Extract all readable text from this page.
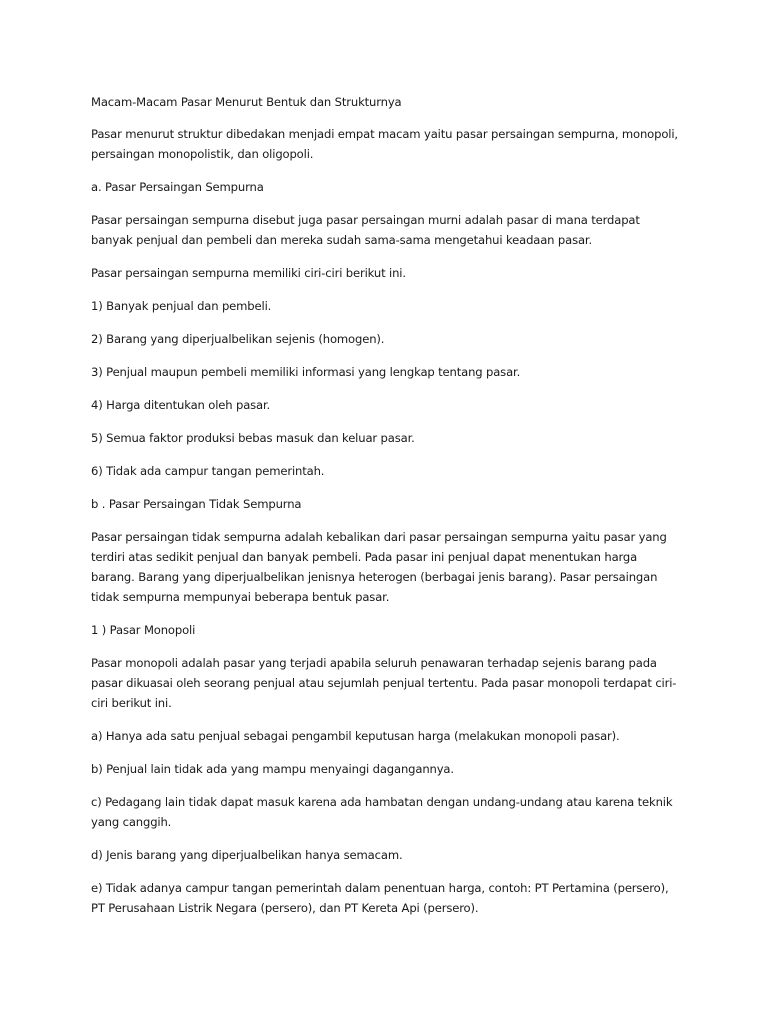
Macam-Macam Pasar Menurut Bentuk dan Strukturnya

Pasar menurut struktur dibedakan menjadi empat macam yaitu pasar persaingan sempurna, monopoli, persaingan monopolistik, dan oligopoli.

a. Pasar Persaingan Sempurna

Pasar persaingan sempurna disebut juga pasar persaingan murni adalah pasar di mana terdapat banyak penjual dan pembeli dan mereka sudah sama-sama mengetahui keadaan pasar.

Pasar persaingan sempurna memiliki ciri-ciri berikut ini.

1) Banyak penjual dan pembeli.

2) Barang yang diperjualbelikan sejenis (homogen).

3) Penjual maupun pembeli memiliki informasi yang lengkap tentang pasar.

4) Harga ditentukan oleh pasar.

5) Semua faktor produksi bebas masuk dan keluar pasar.

6) Tidak ada campur tangan pemerintah.

b . Pasar Persaingan Tidak Sempurna

Pasar persaingan tidak sempurna adalah kebalikan dari pasar persaingan sempurna yaitu pasar yang terdiri atas sedikit penjual dan banyak pembeli. Pada pasar ini penjual dapat menentukan harga barang. Barang yang diperjualbelikan jenisnya heterogen (berbagai jenis barang). Pasar persaingan tidak sempurna mempunyai beberapa bentuk pasar.

1 ) Pasar Monopoli

Pasar monopoli adalah pasar yang terjadi apabila seluruh penawaran terhadap sejenis barang pada pasar dikuasai oleh seorang penjual atau sejumlah penjual tertentu. Pada pasar monopoli terdapat ciri-ciri berikut ini.

a) Hanya ada satu penjual sebagai pengambil keputusan harga (melakukan monopoli pasar).

b) Penjual lain tidak ada yang mampu menyaingi dagangannya.

c) Pedagang lain tidak dapat masuk karena ada hambatan dengan undang-undang atau karena teknik yang canggih.

d) Jenis barang yang diperjualbelikan hanya semacam.

e) Tidak adanya campur tangan pemerintah dalam penentuan harga, contoh: PT Pertamina (persero), PT Perusahaan Listrik Negara (persero), dan PT Kereta Api (persero).
